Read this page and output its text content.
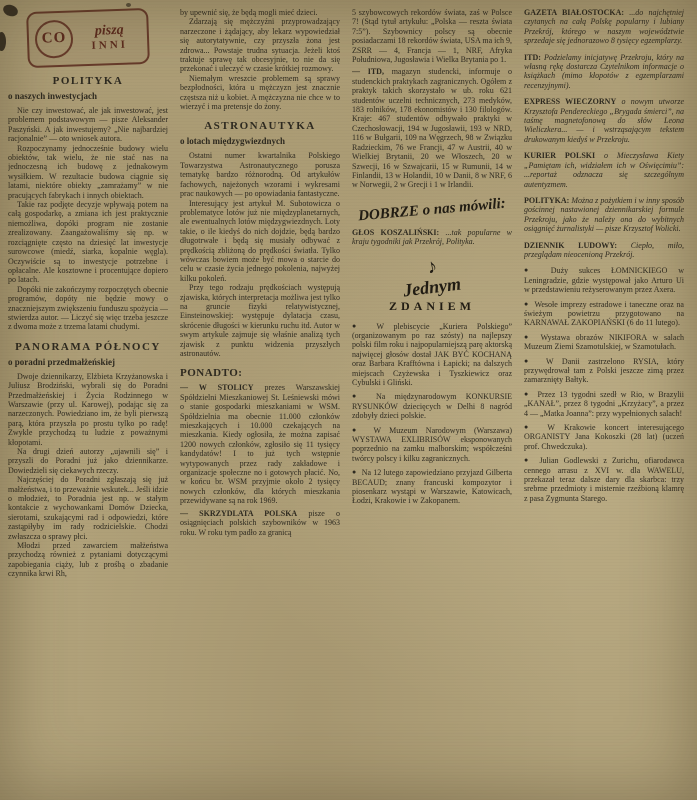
CO	piszą
INNI
POLITYKA
o naszych inwestycjach

Nie czy inwestować, ale jak inwestować, jest problemem podstawowym — pisze Aleksander Paszyński. A jak inwestujemy? „Nie najbardziej racjonalnie” — oto wniosek autora.

Rozpoczynamy jednocześnie budowy wielu obiektów, tak wielu, że nie stać nas na jednoczesną ich budowę z jednakowym wysiłkiem. W rezultacie budowa ciągnie się latami, niektóre obiekty „zamrażamy” w nie pracujących fabrykach i innych obiektach.

Takie raz podjęte decyzje wpływają potem na całą gospodarkę, a zmiana ich jest praktycznie niemożliwa, dopóki program nie zostanie zrealizowany. Zaangażowaliśmy się np. w rozciągnięte często na dziesięć lat inwestycje surowcowe (miedź, siarka, kopalnie węgla). Oczywiście są to inwestycje potrzebne i opłacalne. Ale kosztowne i procentujące dopiero po latach.

Dopóki nie zakończymy rozpoczętych obecnie programów, dopóty nie będzie mowy o znaczniejszym zwiększeniu funduszu spożycia — stwierdza autor. — Liczyć się więc trzeba jeszcze z dwoma może z trzema latami chudymi.

PANORAMA PÓŁNOCY
o poradni przedmałżeńskiej

Dwoje dziennikarzy, Elżbieta Krzyżanowska i Juliusz Brodziński, wybrali się do Poradni Przedmałżeńskiej i Życia Rodzinnego w Warszawie (przy ul. Karowej), podając się za narzeczonych. Powiedziano im, że byli pierwszą parą, która przyszła po prostu tylko po radę! Zwykle przychodzą tu ludzie z poważnymi kłopotami.

Na drugi dzień autorzy „ujawnili się” i przyszli do Poradni już jako dziennikarze. Dowiedzieli się ciekawych rzeczy.

Najczęściej do Poradni zgłaszają się już małżeństwa, i to przeważnie wskutek... Jeśli idzie o młodzież, to Poradnia jest np. w stałym kontakcie z wychowankami Domów Dziecka, sierotami, szukającymi rad i odpowiedzi, które zastąpiłyby im rady rodzicielskie. Chodzi zwłaszcza o sprawy płci.

Młodzi przed zawarciem małżeństwa przychodzą również z pytaniami dotyczącymi zapobiegania ciąży, lub z prośbą o zbadanie czynnika krwi Rh,

by upewnić się, że będą mogli mieć dzieci.

Zdarzają się mężczyźni przyprowadzający narzeczone i żądający, aby lekarz wypowiedział się autorytatywnie, czy przyszła żona jest zdrowa... Powstaje trudna sytuacja. Jeżeli ktoś traktuje sprawę tak obcesyjnie, to nie da się przekonać i uleczyć w czasie krótkiej rozmowy.

Niemałym wreszcie problemem są sprawy bezpłodności, która u mężczyzn jest znacznie częstsza niż u kobiet. A mężczyzna nie chce w to wierzyć i ma pretensje do żony.

ASTRONAUTYKA
o lotach międzygwiezdnych

Ostatni numer kwartalnika Polskiego Towarzystwa Astronautycznego porusza tematykę bardzo różnorodną. Od artykułów fachowych, najeżonych wzorami i wykresami prac naukowych — po opowiadania fantastyczne.

Interesujący jest artykuł M. Subotowicza o problematyce lotów już nie międzyplanetarnych, ale ewentualnych lotów międzygwiezdnych. Loty takie, o ile kiedyś do nich dojdzie, będą bardzo długotrwałe i będą się musiały odbywać z prędkością zbliżoną do prędkości światła. Tylko wówczas bowiem może być mowa o starcie do celu w czasie życia jednego pokolenia, najwyżej kilku pokoleń.

Przy tego rodzaju prędkościach występują zjawiska, których interpretacja możliwa jest tylko na gruncie fizyki relatywistycznej, Einsteinowskiej: występuje dylatacja czasu, skrócenie długości w kierunku ruchu itd. Autor w swym artykule zajmuje się właśnie analizą tych zjawisk z punktu widzenia przyszłych astronautów.

PONADTO:

— W STOLICY prezes Warszawskiej Spółdzielni Mieszkaniowej St. Leśniewski mówi o stanie gospodarki mieszkaniami w WSM. Spółdzielnia ma obecnie 11.000 członków mieszkających i 10.000 czekających na mieszkania. Kiedy ogłosiła, że można zapisać 1200 nowych członków, zgłosiło się 11 tysięcy kandydatów! I to już tych wstępnie wytypowanych przez rady zakładowe i organizacje społeczne no i gotowych płacić. No, w końcu br. WSM przyjmie około 2 tysięcy nowych członków, dla których mieszkania przewidywane są na rok 1969.

— SKRZYDLATA POLSKA pisze o osiągnięciach polskich szybowników w 1963 roku. W roku tym padło za granicą

5 szybowcowych rekordów świata, zaś w Polsce 7! (Stąd tytuł artykułu: „Polska — reszta świata 7:5”). Szybownicy polscy są obecnie posiadaczami 18 rekordów świata, USA ma ich 9, ZSRR — 4, Francja — 1, NRF, Afryka Południowa, Jugosławia i Wielka Brytania po 1.

— ITD, magazyn studencki, informuje o studenckich praktykach zagranicznych. Ogółem z praktyk takich skorzystało w ub. roku 621 studentów uczelni technicznych, 273 medyków, 183 rolników, 178 ekonomistów i 130 filologów. Kraje: 467 studentów odbywało praktyki w Czechosłowacji, 194 w Jugosławii, 193 w NRD, 116 w Bułgarii, 109 na Węgrzech, 98 w Związku Radzieckim, 76 we Francji, 47 w Austrii, 40 w Wielkiej Brytanii, 20 we Włoszech, 20 w Szwecji, 16 w Szwajcarii, 15 w Rumunii, 14 w Finlandii, 13 w Holandii, 10 w Danii, 8 w NRF, 6 w Norwegii, 2 w Grecji i 1 w Irlandii.

DOBRZE o nas mówili:

GŁOS KOSZALIŃSKI: ...tak popularne w kraju tygodniki jak Przekrój, Polityka.

♪
Jednym
ZDANIEM

● W plebiscycie „Kuriera Polskiego” (organizowanym po raz szósty) na najlepszy polski film roku i najpopularniejszą parę aktorską najwięcej głosów dostał JAK BYĆ KOCHANĄ oraz Barbara Krafftówna i Łapicki; na dalszych miejscach Czyżewska i Tyszkiewicz oraz Cybulski i Gliński.

● Na międzynarodowym KONKURSIE RYSUNKÓW dziecięcych w Delhi 8 nagród zdobyły dzieci polskie.

● W Muzeum Narodowym (Warszawa) WYSTAWA EXLIBRISÓW eksponowanych poprzednio na zamku malborskim; współcześni twórcy polscy i kilku zagranicznych.

● Na 12 lutego zapowiedziano przyjazd Gilberta BECAUD; znany francuski kompozytor i piosenkarz wystąpi w Warszawie, Katowicach, Łodzi, Krakowie i w Zakopanem.

GAZETA BIAŁOSTOCKA: ...do najchętniej czytanych na całą Polskę popularny i lubiany Przekrój, którego w naszym województwie sprzedaje się jednorazowo 8 tysięcy egzemplarzy.

ITD: Podzielamy inicjatywę Przekroju, który na własną rękę dostarcza Czytelnikom informacje o książkach (mimo kłopotów z egzemplarzami recenzyjnymi).

EXPRESS WIECZORNY o nowym utworze Krzysztofa Pendereckiego „Brygada śmierci”, na taśmę magnetofonową do słów Leona Wieliczkera... — i wstrząsającym tekstem drukowanym kiedyś w Przekroju.

KURIER POLSKI o Mieczysława Kiety „Pamiętam ich, widziałem ich w Oświęcimiu”: ...reportaż odznacza się szczególnym autentyzmem.

POLITYKA: Można z pożytkiem i w inny sposób gościnnej nastawionej dziennikarskiej formule Przekroju, jako że należy ona do wybitnych osiągnięć żurnalistyki — pisze Krzysztof Wolicki.

DZIENNIK LUDOWY: Ciepło, miło, przeglądam nieocenioną Przekrój.

● Duży sukces ŁOMNICKIEGO w Leningradzie, gdzie występował jako Arturo Ui w przedstawieniu reżyserowanym przez Axera.

● Wesołe imprezy estradowe i taneczne oraz na świeżym powietrzu przygotowano na KARNAWAŁ ZAKOPIAŃSKI (6 do 11 lutego).

● Wystawa obrazów NIKIFORA w salach Muzeum Ziemi Szamotulskiej, w Szamotułach.

● W Danii zastrzelono RYSIA, który przywędrował tam z Polski jeszcze zimą przez zamarznięty Bałtyk.

● Przez 13 tygodni szedł w Rio, w Brazylii „KANAŁ”, przez 8 tygodni „Krzyżacy”, a przez 4 — „Matka Joanna”: przy wypełnionych salach!

● W Krakowie koncert interesującego ORGANISTY Jana Kokoszki (28 lat) (uczeń prof. Chwedczuka).

● Julian Godlewski z Zurichu, ofiarodawca cennego arrasu z XVI w. dla WAWELU, przekazał teraz dalsze dary dla skarbca: trzy srebrne przedmioty i misternie rzeźbioną klamrę z pasa Zygmunta Starego.
